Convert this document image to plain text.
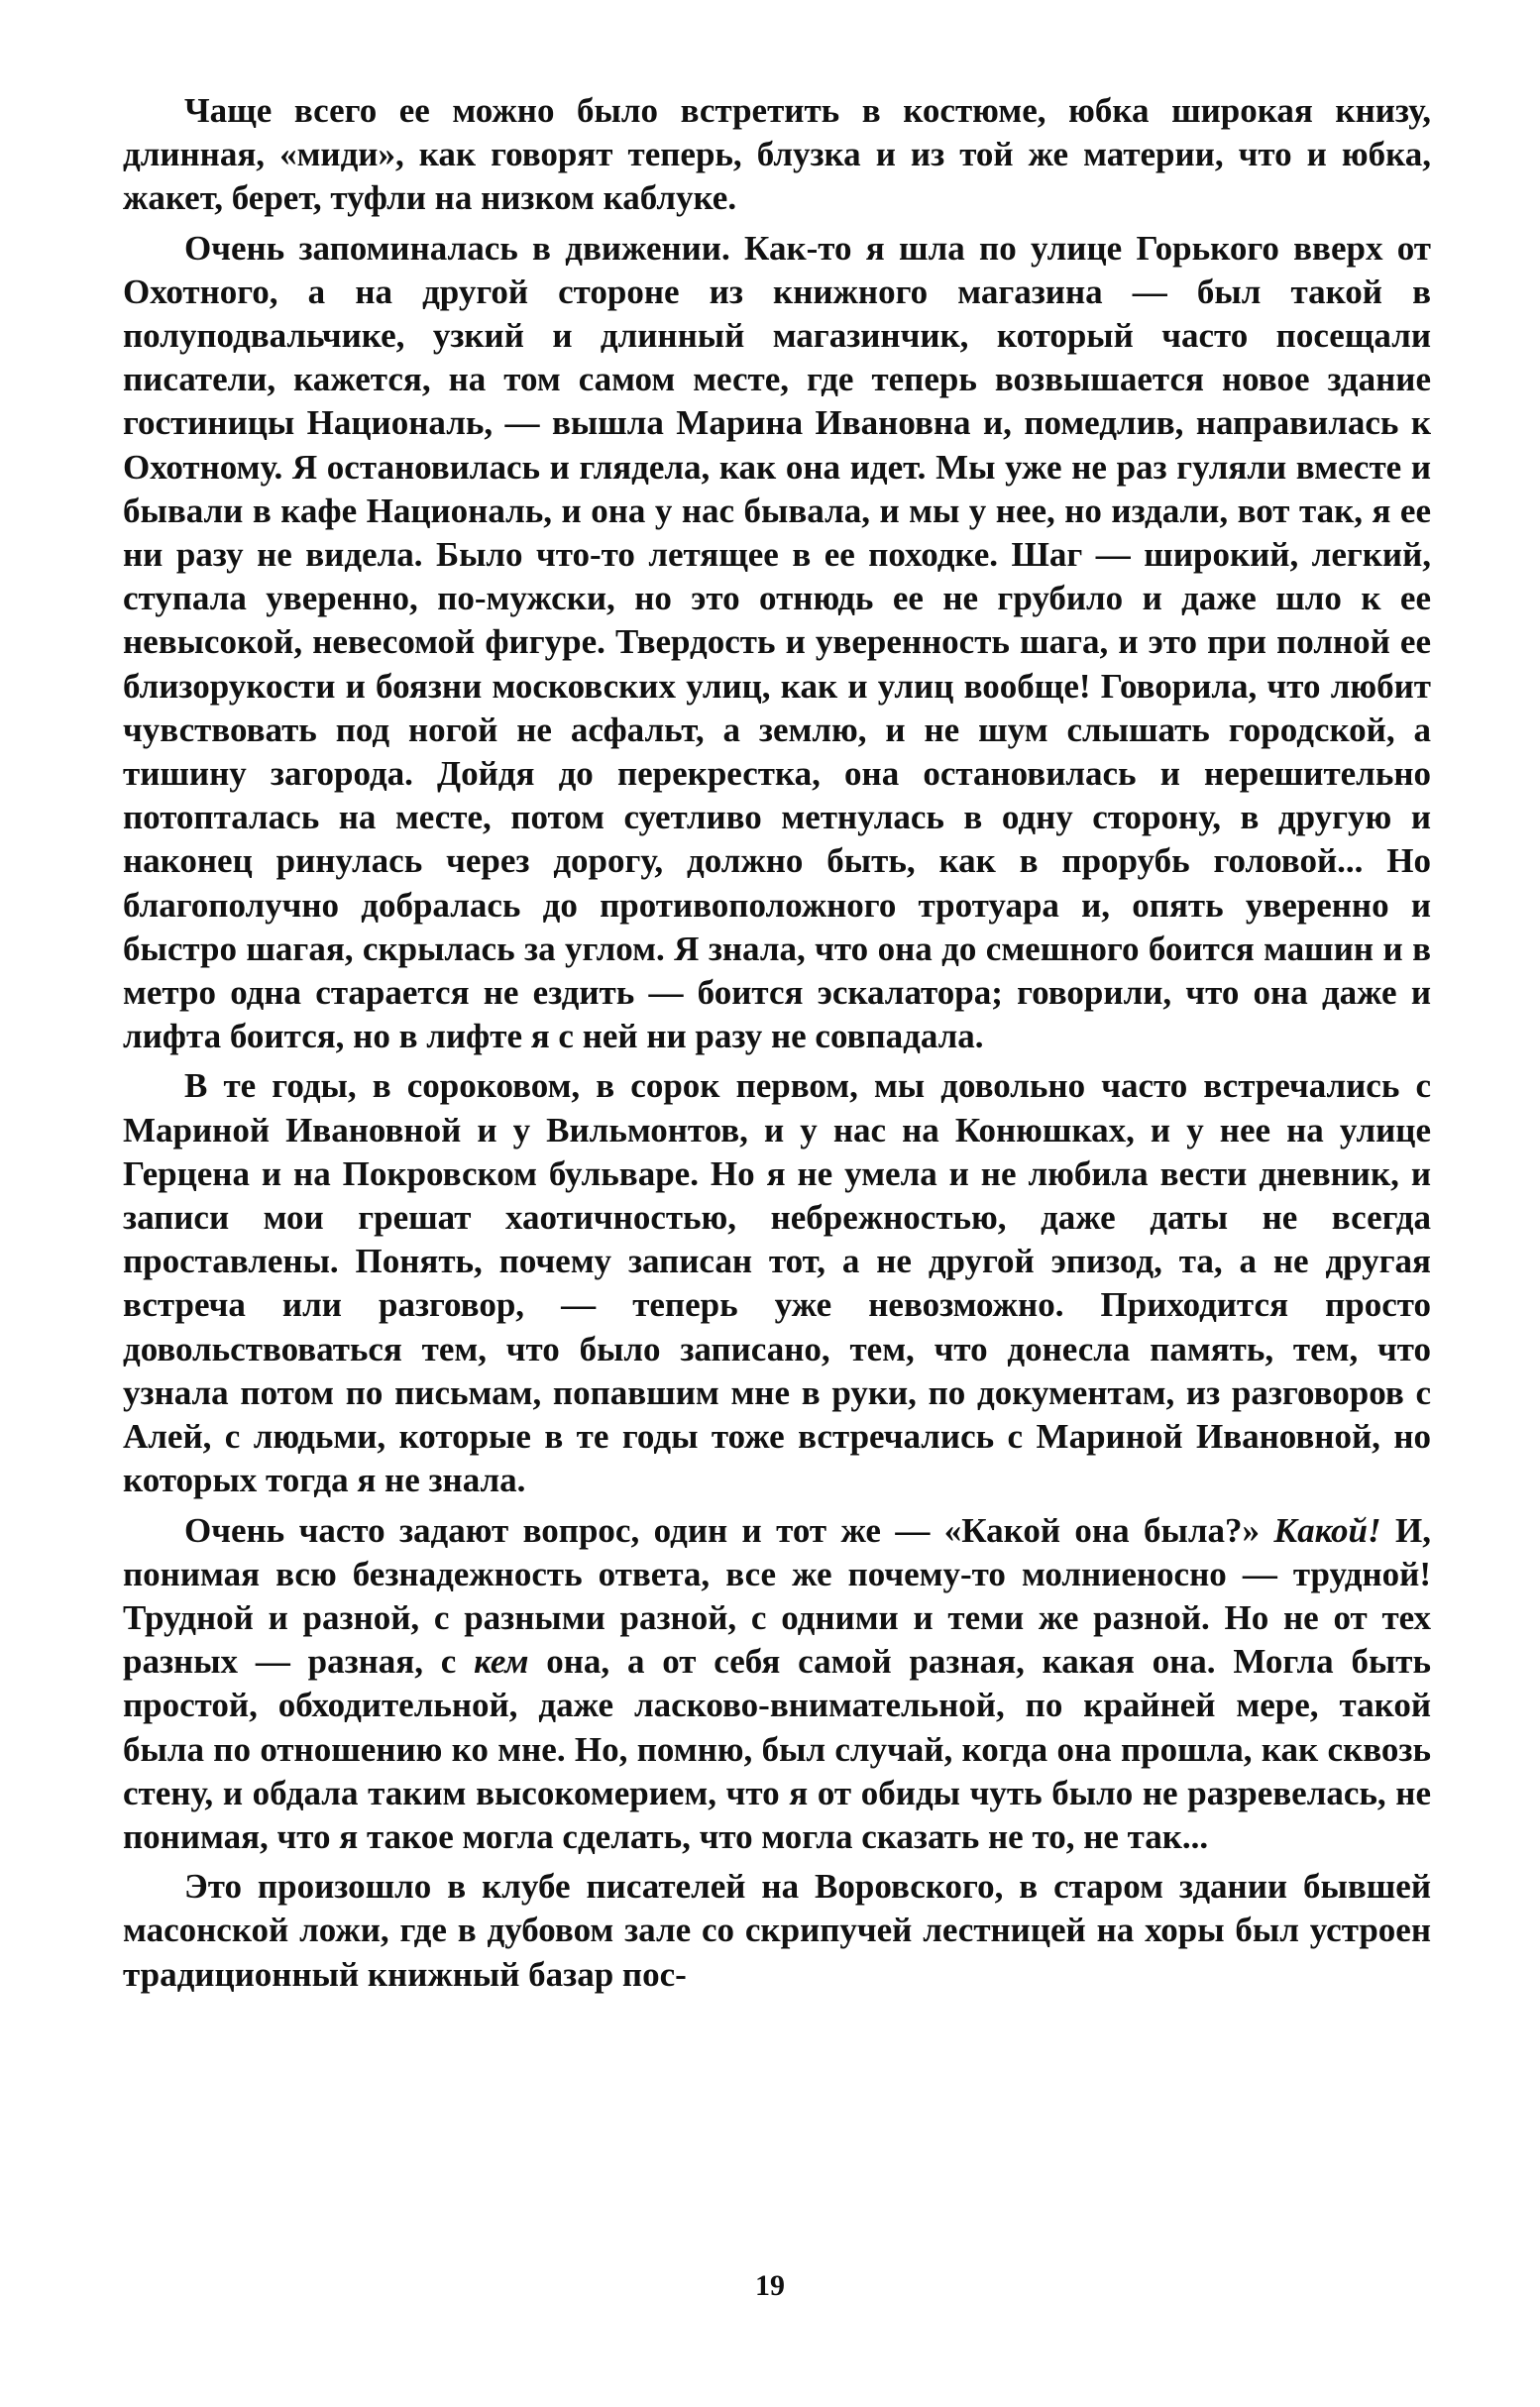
Чаще всего ее можно было встретить в костюме, юбка широкая книзу, длинная, «миди», как говорят теперь, блузка и из той же материи, что и юбка, жакет, берет, туфли на низком каблуке.

Очень запоминалась в движении. Как-то я шла по улице Горького вверх от Охотного, а на другой стороне из книжного магазина — был такой в полуподвальчике, узкий и длинный магазинчик, который часто посещали писатели, кажется, на том самом месте, где теперь возвышается новое здание гостиницы Националь, — вышла Марина Ивановна и, помедлив, направилась к Охотному. Я остановилась и глядела, как она идет. Мы уже не раз гуляли вместе и бывали в кафе Националь, и она у нас бывала, и мы у нее, но издали, вот так, я ее ни разу не видела. Было что-то летящее в ее походке. Шаг — широкий, легкий, ступала уверенно, по-мужски, но это отнюдь ее не грубило и даже шло к ее невысокой, невесомой фигуре. Твердость и уверенность шага, и это при полной ее близорукости и боязни московских улиц, как и улиц вообще! Говорила, что любит чувствовать под ногой не асфальт, а землю, и не шум слышать городской, а тишину загорода. Дойдя до перекрестка, она остановилась и нерешительно потопталась на месте, потом суетливо метнулась в одну сторону, в другую и наконец ринулась через дорогу, должно быть, как в прорубь головой... Но благополучно добралась до противоположного тротуара и, опять уверенно и быстро шагая, скрылась за углом. Я знала, что она до смешного боится машин и в метро одна старается не ездить — боится эскалатора; говорили, что она даже и лифта боится, но в лифте я с ней ни разу не совпадала.

В те годы, в сороковом, в сорок первом, мы довольно часто встречались с Мариной Ивановной и у Вильмонтов, и у нас на Конюшках, и у нее на улице Герцена и на Покровском бульваре. Но я не умела и не любила вести дневник, и записи мои грешат хаотичностью, небрежностью, даже даты не всегда проставлены. Понять, почему записан тот, а не другой эпизод, та, а не другая встреча или разговор, — теперь уже невозможно. Приходится просто довольствоваться тем, что было записано, тем, что донесла память, тем, что узнала потом по письмам, попавшим мне в руки, по документам, из разговоров с Алей, с людьми, которые в те годы тоже встречались с Мариной Ивановной, но которых тогда я не знала.

Очень часто задают вопрос, один и тот же — «Какой она была?» Какой! И, понимая всю безнадежность ответа, все же почему-то молниеносно — трудной! Трудной и разной, с разными разной, с одними и теми же разной. Но не от тех разных — разная, с кем она, а от себя самой разная, какая она. Могла быть простой, обходительной, даже ласково-внимательной, по крайней мере, такой была по отношению ко мне. Но, помню, был случай, когда она прошла, как сквозь стену, и обдала таким высокомерием, что я от обиды чуть было не разревелась, не понимая, что я такое могла сделать, что могла сказать не то, не так...

Это произошло в клубе писателей на Воровского, в старом здании бывшей масонской ложи, где в дубовом зале со скрипучей лестницей на хоры был устроен традиционный книжный базар пос-

19
